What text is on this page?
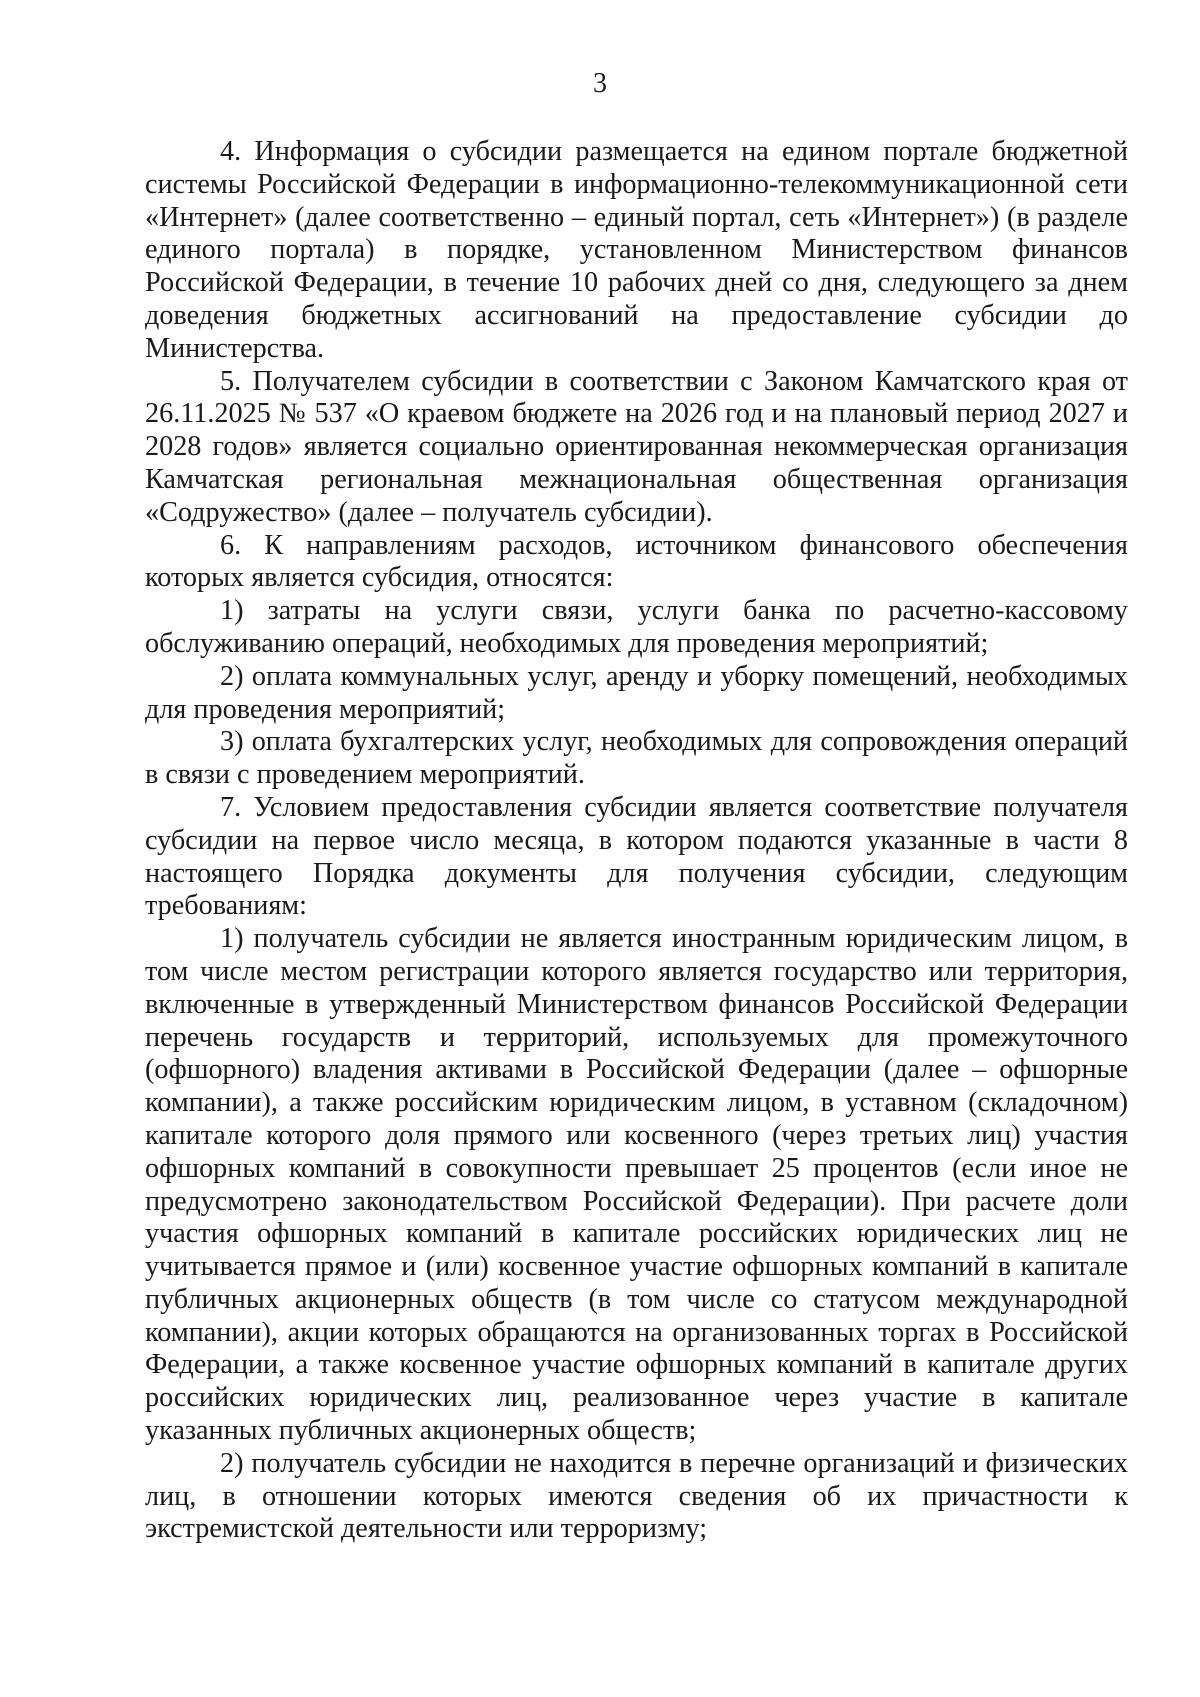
3

4. Информация о субсидии размещается на едином портале бюджетной системы Российской Федерации в информационно-телекоммуникационной сети «Интернет» (далее соответственно – единый портал, сеть «Интернет») (в разделе единого портала) в порядке, установленном Министерством финансов Российской Федерации, в течение 10 рабочих дней со дня, следующего за днем доведения бюджетных ассигнований на предоставление субсидии до Министерства.

5. Получателем субсидии в соответствии с Законом Камчатского края от 26.11.2025 № 537 «О краевом бюджете на 2026 год и на плановый период 2027 и 2028 годов» является социально ориентированная некоммерческая организация Камчатская региональная межнациональная общественная организация «Содружество» (далее – получатель субсидии).

6. К направлениям расходов, источником финансового обеспечения которых является субсидия, относятся:

1) затраты на услуги связи, услуги банка по расчетно-кассовому обслуживанию операций, необходимых для проведения мероприятий;

2) оплата коммунальных услуг, аренду и уборку помещений, необходимых для проведения мероприятий;

3) оплата бухгалтерских услуг, необходимых для сопровождения операций в связи с проведением мероприятий.

7. Условием предоставления субсидии является соответствие получателя субсидии на первое число месяца, в котором подаются указанные в части 8 настоящего Порядка документы для получения субсидии, следующим требованиям:

1) получатель субсидии не является иностранным юридическим лицом, в том числе местом регистрации которого является государство или территория, включенные в утвержденный Министерством финансов Российской Федерации перечень государств и территорий, используемых для промежуточного (офшорного) владения активами в Российской Федерации (далее – офшорные компании), а также российским юридическим лицом, в уставном (складочном) капитале которого доля прямого или косвенного (через третьих лиц) участия офшорных компаний в совокупности превышает 25 процентов (если иное не предусмотрено законодательством Российской Федерации). При расчете доли участия офшорных компаний в капитале российских юридических лиц не учитывается прямое и (или) косвенное участие офшорных компаний в капитале публичных акционерных обществ (в том числе со статусом международной компании), акции которых обращаются на организованных торгах в Российской Федерации, а также косвенное участие офшорных компаний в капитале других российских юридических лиц, реализованное через участие в капитале указанных публичных акционерных обществ;

2) получатель субсидии не находится в перечне организаций и физических лиц, в отношении которых имеются сведения об их причастности к экстремистской деятельности или терроризму;
